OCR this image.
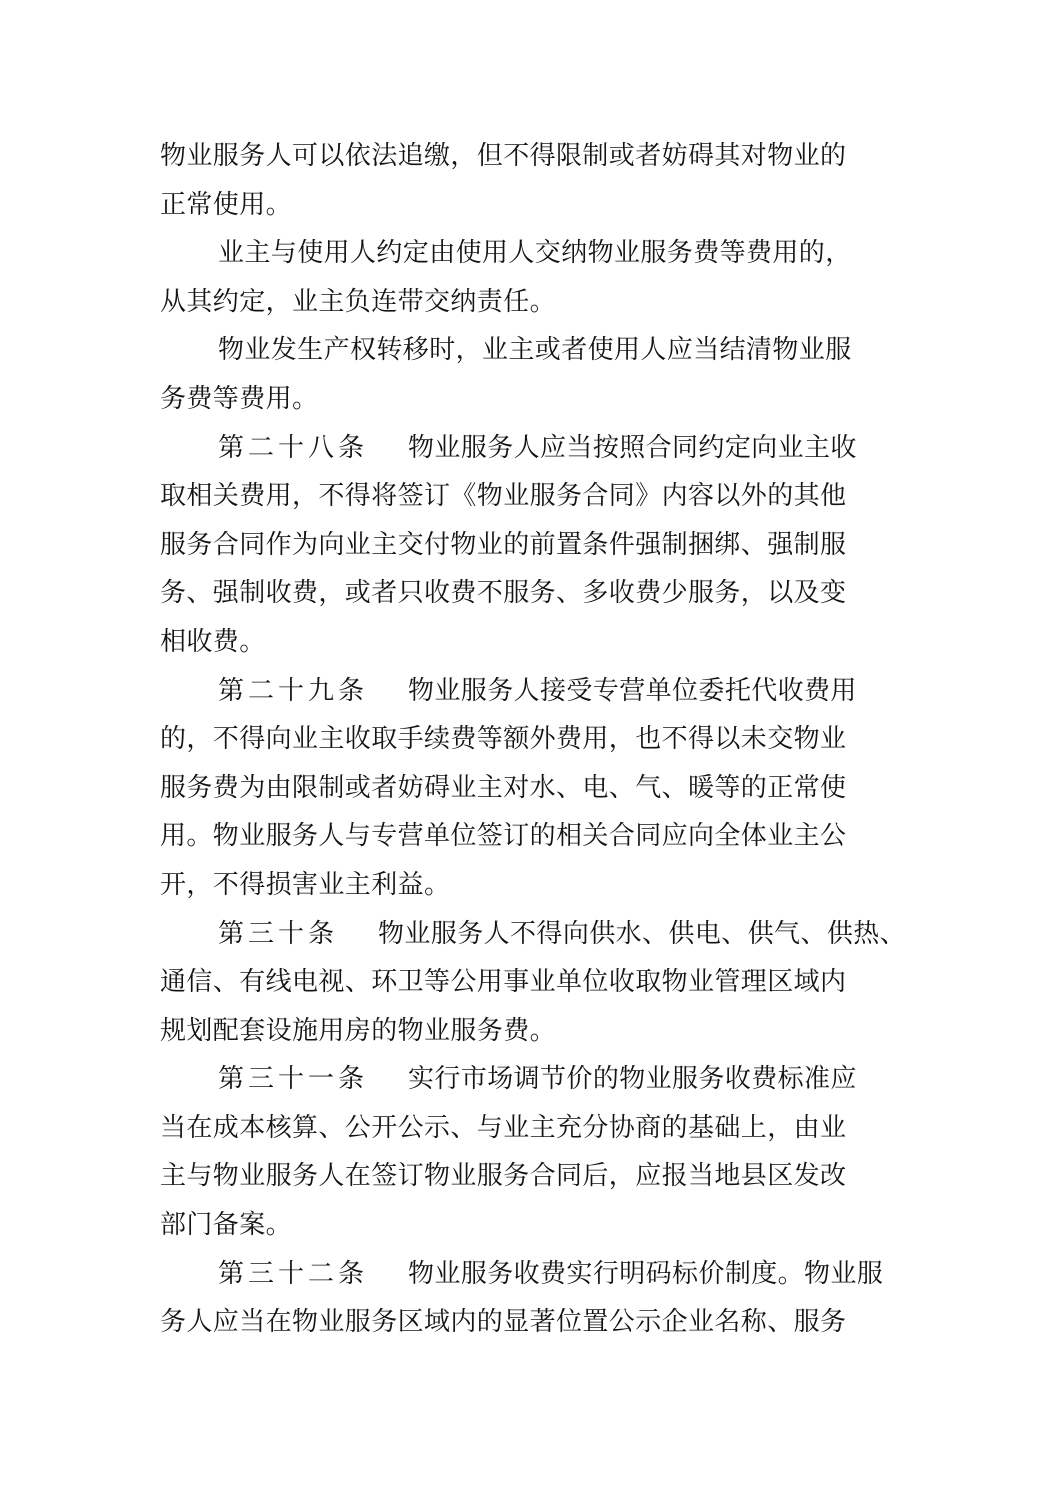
物业服务人可以依法追缴，但不得限制或者妨碍其对物业的
正常使用。

业主与使用人约定由使用人交纳物业服务费等费用的，
从其约定，业主负连带交纳责任。

物业发生产权转移时，业主或者使用人应当结清物业服
务费等费用。

第二十八条 物业服务人应当按照合同约定向业主收
取相关费用，不得将签订《物业服务合同》内容以外的其他
服务合同作为向业主交付物业的前置条件强制捆绑、强制服
务、强制收费，或者只收费不服务、多收费少服务，以及变
相收费。

第二十九条 物业服务人接受专营单位委托代收费用
的，不得向业主收取手续费等额外费用，也不得以未交物业
服务费为由限制或者妨碍业主对水、电、气、暖等的正常使
用。物业服务人与专营单位签订的相关合同应向全体业主公
开，不得损害业主利益。

第三十条 物业服务人不得向供水、供电、供气、供热、
通信、有线电视、环卫等公用事业单位收取物业管理区域内
规划配套设施用房的物业服务费。

第三十一条 实行市场调节价的物业服务收费标准应
当在成本核算、公开公示、与业主充分协商的基础上，由业
主与物业服务人在签订物业服务合同后，应报当地县区发改
部门备案。

第三十二条 物业服务收费实行明码标价制度。物业服
务人应当在物业服务区域内的显著位置公示企业名称、服务
